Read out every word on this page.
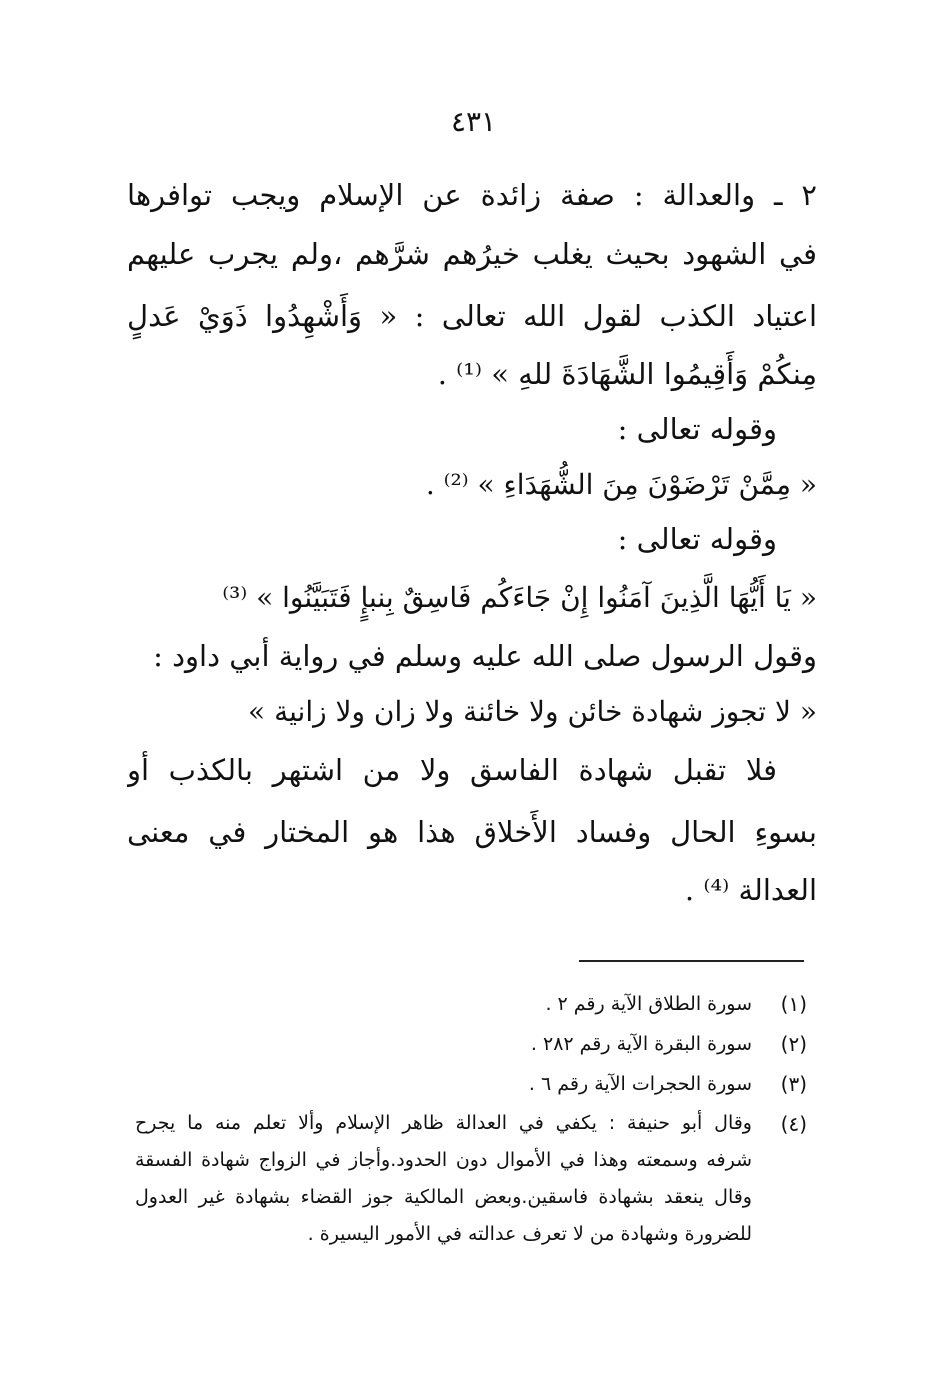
٤٣١
٢ ـ والعدالة : صفة زائدة عن الإسلام ويجب توافرها
في الشهود بحيث يغلب خيرُهم شرَّهم ،ولم يجرب عليهم
اعتياد الكذب لقول الله تعالى : « وَأَشْهِدُوا ذَوَيْ عَدلٍ
مِنكُمْ وَأَقِيمُوا الشَّهَادَةَ للهِ » ⁽¹⁾ .
وقوله تعالى :
« مِمَّنْ تَرْضَوْنَ مِنَ الشُّهَدَاءِ » ⁽²⁾ .
وقوله تعالى :
« يَا أَيُّهَا الَّذِينَ آمَنُوا إِنْ جَاءَكُم فَاسِقٌ بِنبإٍ فَتَبَيَّنُوا » ⁽³⁾
وقول الرسول صلى الله عليه وسلم في رواية أبي داود :
« لا تجوز شهادة خائن ولا خائنة ولا زان ولا زانية »
فلا تقبل شهادة الفاسق ولا من اشتهر بالكذب أو
بسوءِ الحال وفساد الأَخلاق هذا هو المختار في معنى
العدالة ⁽⁴⁾ .
(١)
سورة الطلاق الآية رقم ٢ .
(٢)
سورة البقرة الآية رقم ٢٨٢ .
(٣)
سورة الحجرات الآية رقم ٦ .
(٤)
وقال أبو حنيفة : يكفي في العدالة ظاهر الإسلام وألا تعلم منه ما يجرح
شرفه وسمعته وهذا في الأموال دون الحدود.وأجاز في الزواج شهادة الفسقة
وقال ينعقد بشهادة فاسقين.وبعض المالكية جوز القضاء بشهادة غير العدول
للضرورة وشهادة من لا تعرف عدالته في الأمور اليسيرة .
